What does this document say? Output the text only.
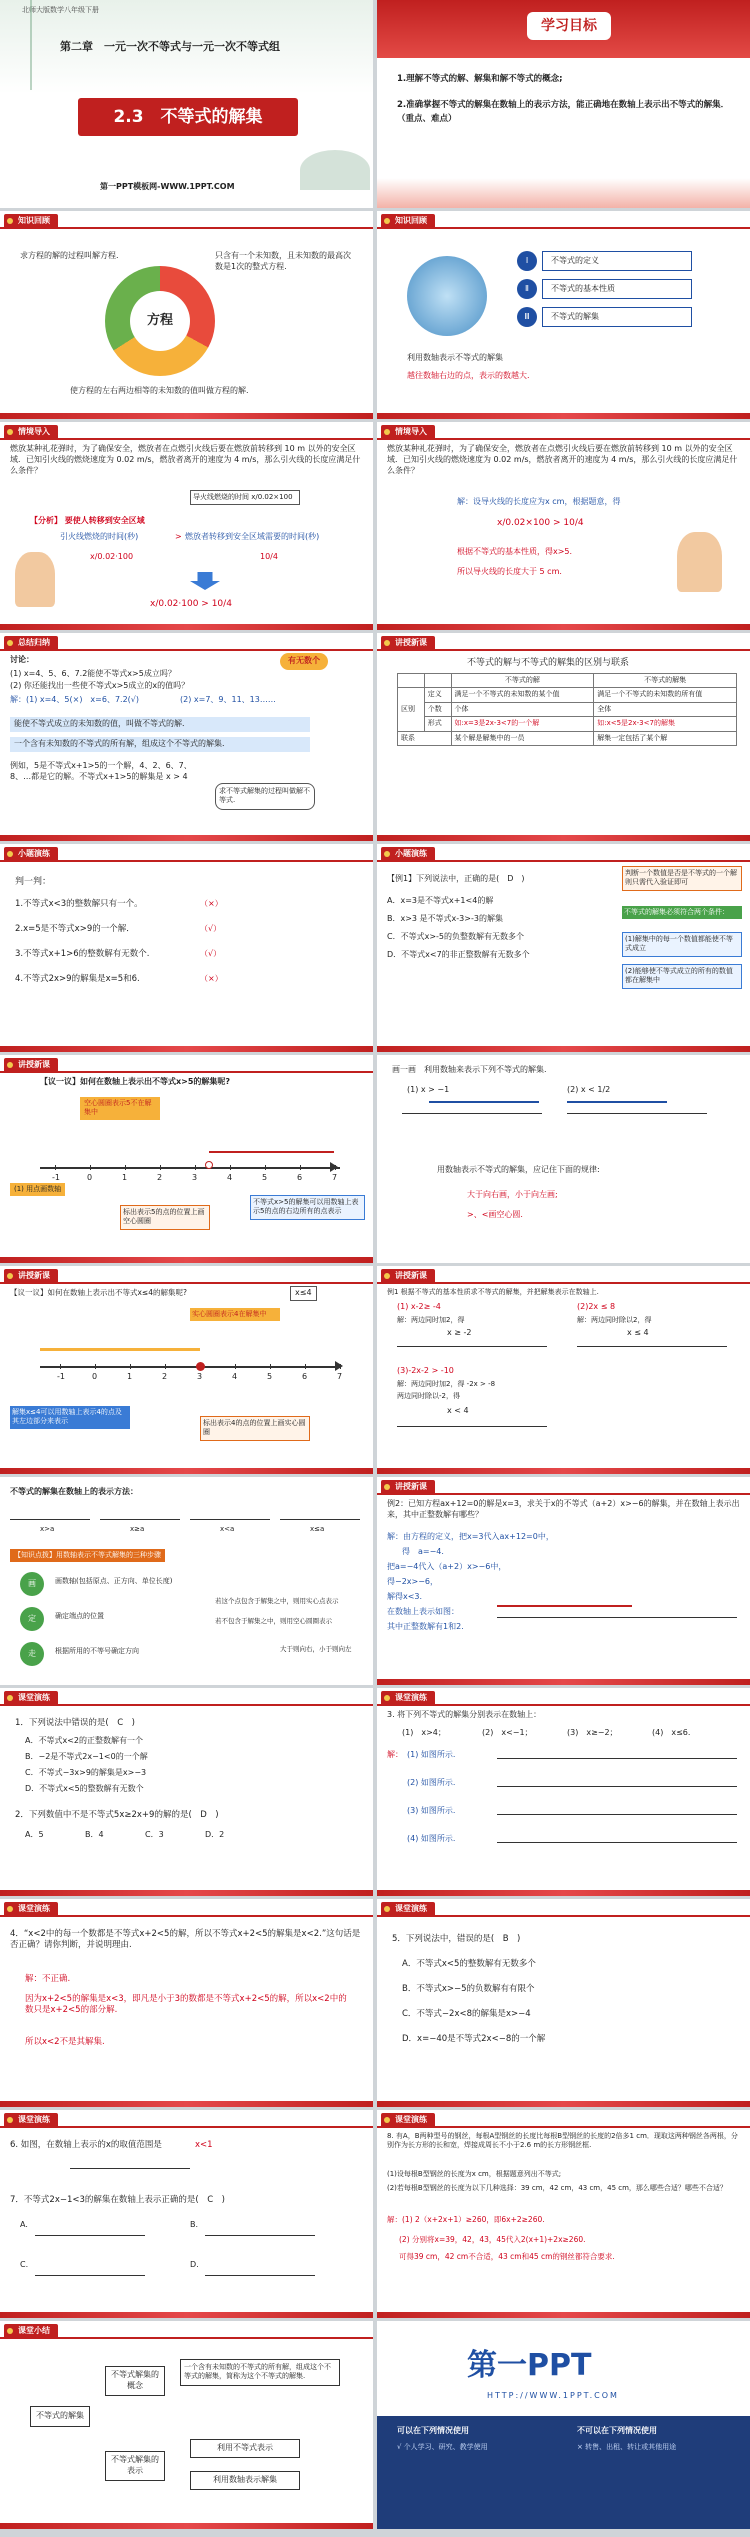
北师大版数学八年级下册
第二章　一元一次不等式与一元一次不等式组
2.3　不等式的解集
第一PPT模板网-WWW.1PPT.COM
学习目标
1.理解不等式的解、解集和解不等式的概念;
2.准确掌握不等式的解集在数轴上的表示方法，能正确地在数轴上表示出不等式的解集．（重点、难点）
知识回顾
求方程的解的过程叫解方程.	只含有一个未知数，且未知数的最高次数是1次的整式方程.
方程
使方程的左右两边相等的未知数的值叫做方程的解.
知识回顾
Ⅰ	不等式的定义
Ⅱ	不等式的基本性质
Ⅲ	不等式的解集
利用数轴表示不等式的解集
越往数轴右边的点，表示的数越大.
情境导入
燃放某种礼花弹时，为了确保安全，燃放者在点燃引火线后要在燃放前转移到 10 m 以外的安全区域．已知引火线的燃烧速度为 0.02 m/s，燃放者离开的速度为 4 m/s，那么引火线的长度应满足什么条件？
导火线燃烧的时间 x/0.02×100
【分析】 要使人转移到安全区域
引火线燃烧的时间(秒)	> 燃放者转移到安全区域需要的时间(秒)
x/0.02·100	10/4
x/0.02·100 > 10/4
情境导入
燃放某种礼花弹时，为了确保安全，燃放者在点燃引火线后要在燃放前转移到 10 m 以外的安全区域．已知引火线的燃烧速度为 0.02 m/s，燃放者离开的速度为 4 m/s，那么引火线的长度应满足什么条件？
解：设导火线的长度应为x cm，根据题意，得
x/0.02×100 > 10/4
根据不等式的基本性质，得x>5.
所以导火线的长度大于 5 cm.
总结归纳
讨论：	有无数个
(1) x=4、5、6、7.2能使不等式x>5成立吗？
(2) 你还能找出一些使不等式x>5成立的x的值吗？
解：(1) x=4、5(×)　x=6、7.2(√)	(2) x=7、9、11、13……
能使不等式成立的未知数的值，叫做不等式的解．
一个含有未知数的不等式的所有解，组成这个不等式的解集．
例如，5是不等式x+1>5的一个解，4、2、6、7、8、…都是它的解。不等式x+1>5的解集是 x > 4
求不等式解集的过程叫做解不等式.
讲授新课
不等式的解与不等式的解集的区别与联系
		不等式的解	不等式的解集
区别	定义	满足一个不等式的未知数的某个值	满足一个不等式的未知数的所有值
	个数	个体	全体
	形式	如:x=3是2x-3<7的一个解	如:x<5是2x-3<7的解集
联系		某个解是解集中的一员	解集一定包括了某个解
小题演练
判一判：
1.不等式x<3的整数解只有一个。	（×）
2.x=5是不等式x>9的一个解．	（√）
3.不等式x+1>6的整数解有无数个.	（√）
4.不等式2x>9的解集是x=5和6.	（×）
小题演练
【例1】下列说法中，正确的是(　D　)
A．x=3是不等式x+1<4的解
B．x>3 是不等式x-3>-3的解集
C．不等式x>-5的负整数解有无数多个
D．不等式x<7的非正整数解有无数多个
判断一个数值是否是不等式的一个解则只需代入验证即可
不等式的解集必须符合两个条件：
(1)解集中的每一个数值都能使不等式成立
(2)能够使不等式成立的所有的数值都在解集中
讲授新课
【议一议】如何在数轴上表示出不等式x>5的解集呢?
空心圆圈表示5不在解集中
-1	0	1	2	3	4	5	6	7
(1) 用点画数轴
标出表示5的点的位置上画空心圆圈
不等式x>5的解集可以用数轴上表示5的点的右边所有的点表示
画一画　利用数轴来表示下列不等式的解集.
(1) x > −1	(2) x < 1/2
用数轴表示不等式的解集，应记住下面的规律:
大于向右画，小于向左画;
>、<画空心圆.
讲授新课
【议一议】如何在数轴上表示出不等式x≤4的解集呢?	x≤4
实心圆圈表示4在解集中
-1	0	1	2	3	4	5	6	7
解集x≤4可以用数轴上表示4的点及其左边部分来表示	标出表示4的点的位置上画实心圆圈
讲授新课
例1 根据不等式的基本性质求不等式的解集，并把解集表示在数轴上.
(1) x-2≥ -4	(2)2x ≤ 8
解：两边同时加2，得	解：两边同时除以2，得
x ≥ -2	x ≤ 4
(3)-2x-2 > -10
解：两边同时加2，得 -2x > -8
两边同时除以-2，得
x < 4
不等式的解集在数轴上的表示方法：
x>a	x≥a	x<a	x≤a
【知识点拨】用数轴表示不等式解集的三种步骤
画	画数轴(包括原点、正方向、单位长度)
定	确定端点的位置
走	根据所用的不等号确定方向
若这个点包含于解集之中，则用实心点表示
若不包含于解集之中，则用空心圆圈表示
大于则向右，小于则向左
讲授新课
例2：已知方程ax+12=0的解是x=3，求关于x的不等式（a+2）x>−6的解集，并在数轴上表示出来，其中正整数解有哪些？
解：由方程的定义，把x=3代入ax+12=0中，
得　a=−4.
把a=−4代入（a+2）x>−6中，
得−2x>−6，
解得x<3.
在数轴上表示如图：
其中正整数解有1和2.
课堂演练
1．下列说法中错误的是(　C　)
A．不等式x<2的正整数解有一个
B．−2是不等式2x−1<0的一个解
C．不等式−3x>9的解集是x>−3
D．不等式x<5的整数解有无数个
2．下列数值中不是不等式5x≥2x+9的解的是(　D　)
A．5	B．4	C．3	D．2
课堂演练
3. 将下列不等式的解集分别表示在数轴上：
(1)　x>4；	(2)　x<−1；	(3)　x≥−2；	(4)　x≤6.
解： (1) 如图所示.
(2) 如图所示.
(3) 如图所示.
(4) 如图所示.
课堂演练
4．“x<2中的每一个数都是不等式x+2<5的解，所以不等式x+2<5的解集是x<2.”这句话是否正确？请你判断，并说明理由.
解：不正确.
因为x+2<5的解集是x<3，即凡是小于3的数都是不等式x+2<5的解，所以x<2中的数只是x+2<5的部分解.
所以x<2不是其解集.
课堂演练
5．下列说法中，错误的是(　B　)
A．不等式x<5的整数解有无数多个
B．不等式x>−5的负数解有有限个
C．不等式−2x<8的解集是x>−4
D．x=−40是不等式2x<−8的一个解
课堂演练
6. 如图，在数轴上表示的x的取值范围是	x<1
7．不等式2x−1<3的解集在数轴上表示正确的是(　C　)
A.	B.
C.	D.
课堂演练
8. 有A，B两种型号的钢丝，每根A型钢丝的长度比每根B型钢丝的长度的2倍多1 cm．现取这两种钢丝各两根，分别作为长方形的长和宽，焊接成周长不小于2.6 m的长方形钢丝框.
(1)设每根B型钢丝的长度为x cm，根据题意列出不等式;
(2)若每根B型钢丝的长度为以下几种选择：39 cm，42 cm，43 cm，45 cm，那么哪些合适？哪些不合适？
解：(1) 2（x+2x+1）≥260，即6x+2≥260.
(2) 分别将x=39，42，43，45代入2(x+1)+2x≥260.
可得39 cm，42 cm不合适，43 cm和45 cm的钢丝都符合要求.
课堂小结
不等式的解集
不等式解集的概念
一个含有未知数的不等式的所有解，组成这个不等式的解集，简称为这个不等式的解集.
不等式解集的表示
利用不等式表示
利用数轴表示解集
第一PPT
HTTP://WWW.1PPT.COM
可以在下列情况使用
√ 个人学习、研究、教学使用
不可以在下列情况使用
× 转售、出租、转让或其他用途
